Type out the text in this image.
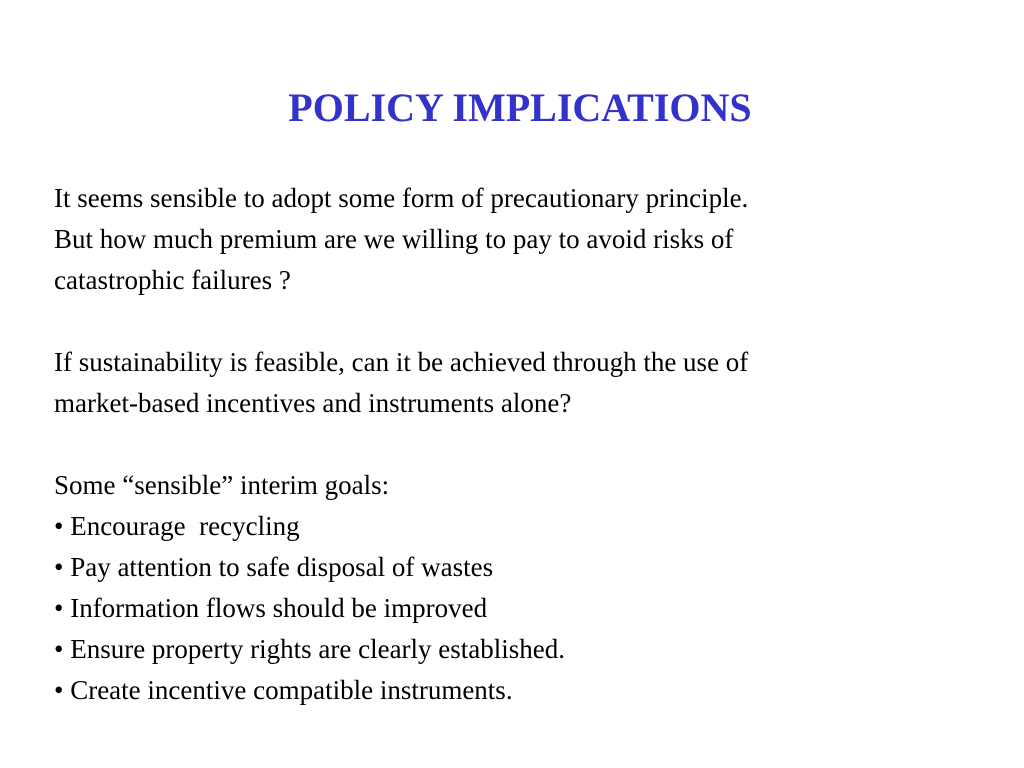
POLICY IMPLICATIONS

It seems sensible to adopt some form of precautionary principle.
But how much premium are we willing to pay to avoid risks of
catastrophic failures ?

If sustainability is feasible, can it be achieved through the use of
market-based incentives and instruments alone?

Some “sensible” interim goals:

• Encourage  recycling
• Pay attention to safe disposal of wastes
• Information flows should be improved
• Ensure property rights are clearly established.
• Create incentive compatible instruments.
